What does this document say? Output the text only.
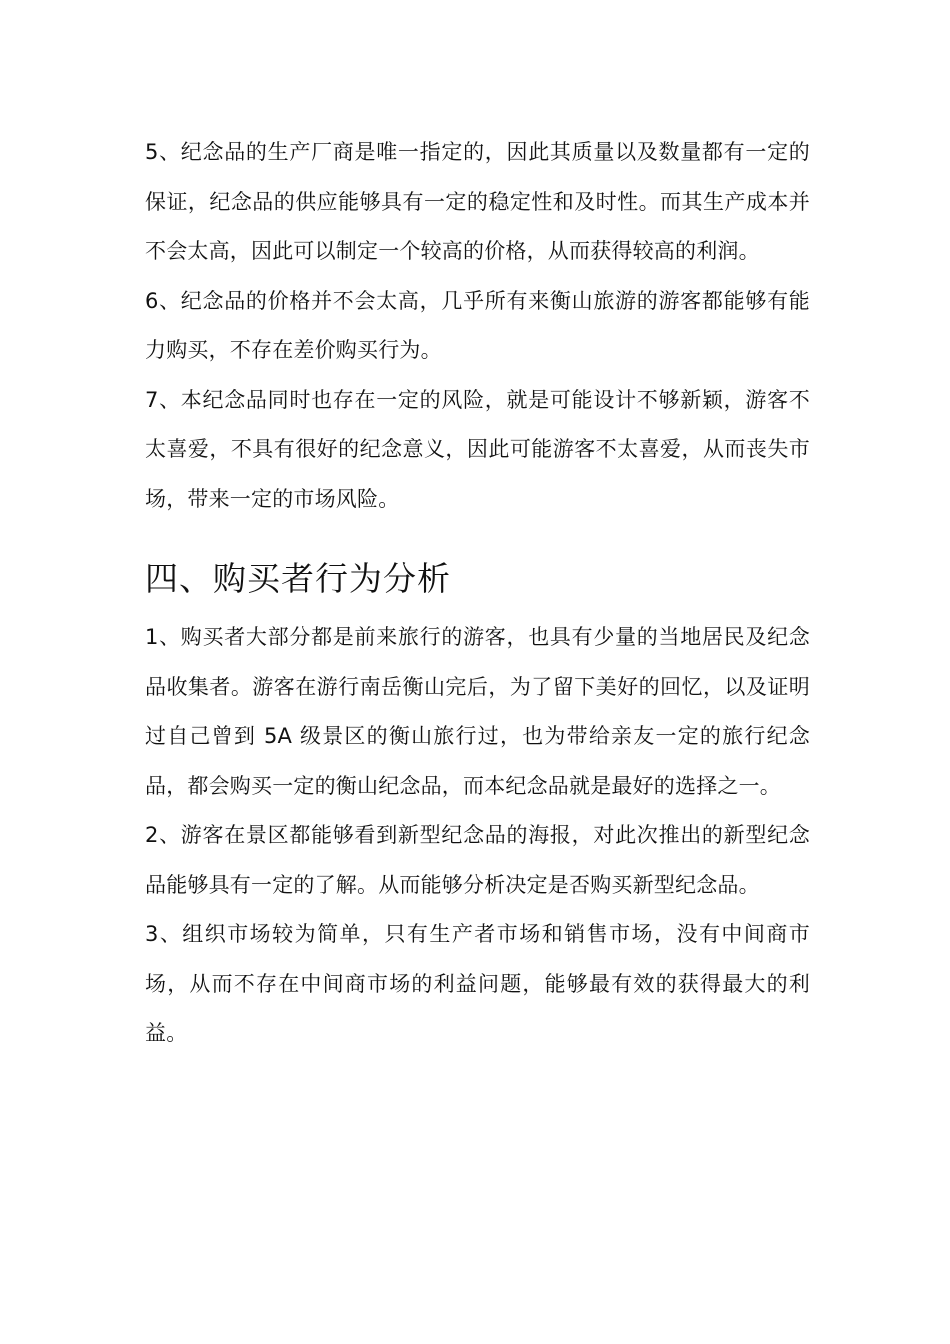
5、纪念品的生产厂商是唯一指定的，因此其质量以及数量都有一定的保证，纪念品的供应能够具有一定的稳定性和及时性。而其生产成本并不会太高，因此可以制定一个较高的价格，从而获得较高的利润。

6、纪念品的价格并不会太高，几乎所有来衡山旅游的游客都能够有能力购买，不存在差价购买行为。

7、本纪念品同时也存在一定的风险，就是可能设计不够新颖，游客不太喜爱，不具有很好的纪念意义，因此可能游客不太喜爱，从而丧失市场，带来一定的市场风险。

四、购买者行为分析

1、购买者大部分都是前来旅行的游客，也具有少量的当地居民及纪念品收集者。游客在游行南岳衡山完后，为了留下美好的回忆，以及证明过自己曾到 5A 级景区的衡山旅行过，也为带给亲友一定的旅行纪念品，都会购买一定的衡山纪念品，而本纪念品就是最好的选择之一。

2、游客在景区都能够看到新型纪念品的海报，对此次推出的新型纪念品能够具有一定的了解。从而能够分析决定是否购买新型纪念品。

3、组织市场较为简单，只有生产者市场和销售市场，没有中间商市场，从而不存在中间商市场的利益问题，能够最有效的获得最大的利益。
